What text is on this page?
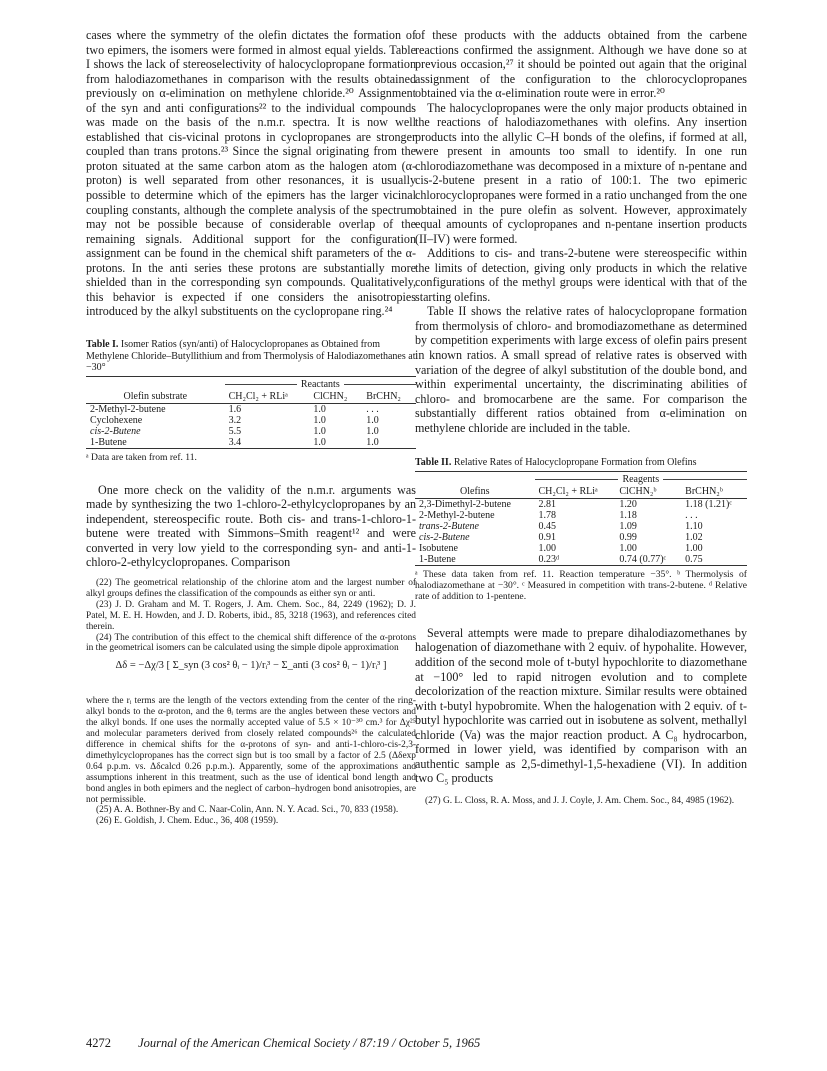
cases where the symmetry of the olefin dictates the formation of two epimers, the isomers were formed in almost equal yields. Table I shows the lack of stereoselectivity of halocyclopropane formation from halodiazomethanes in comparison with the results obtained previously on α-elimination on methylene chloride.²⁰ Assignment of the syn and anti configurations²² to the individual compounds was made on the basis of the n.m.r. spectra. It is now well established that cis-vicinal protons in cyclopropanes are stronger coupled than trans protons.²³ Since the signal originating from the proton situated at the same carbon atom as the halogen atom (α-proton) is well separated from other resonances, it is usually possible to determine which of the epimers has the larger vicinal coupling constants, although the complete analysis of the spectrum may not be possible because of considerable overlap of the remaining signals. Additional support for the configuration assignment can be found in the chemical shift parameters of the α-protons. In the anti series these protons are substantially more shielded than in the corresponding syn compounds. Qualitatively, this behavior is expected if one considers the anisotropies introduced by the alkyl substituents on the cyclopropane ring.²⁴

Table I. Isomer Ratios (syn/anti) of Halocyclopropanes as Obtained from Methylene Chloride–Butyllithium and from Thermolysis of Halodiazomethanes at −30°

	Reactants		

Olefin substrate	CH₂Cl₂ + RLiᵃ	ClCHN₂	BrCHN₂
2-Methyl-2-butene	1.6	1.0	. . .
Cyclohexene	3.2	1.0	1.0
cis-2-Butene	5.5	1.0	1.0
1-Butene	3.4	1.0	1.0

ᵃ Data are taken from ref. 11.

One more check on the validity of the n.m.r. arguments was made by synthesizing the two 1-chloro-2-ethylcyclopropanes by an independent, stereospecific route. Both cis- and trans-1-chloro-1-butene were treated with Simmons–Smith reagent¹² and were converted in very low yield to the corresponding syn- and anti-1-chloro-2-ethylcyclopropanes. Comparison

(22) The geometrical relationship of the chlorine atom and the largest number of alkyl groups defines the classification of the compounds as either syn or anti.

(23) J. D. Graham and M. T. Rogers, J. Am. Chem. Soc., 84, 2249 (1962); D. J. Patel, M. E. H. Howden, and J. D. Roberts, ibid., 85, 3218 (1963), and references cited therein.

(24) The contribution of this effect to the chemical shift difference of the α-protons in the geometrical isomers can be calculated using the simple dipole approximation

Δδ = −Δχ/3 [ Σ_syn (3 cos² θᵢ − 1)/rᵢ³ − Σ_anti (3 cos² θᵢ − 1)/rᵢ³ ]

where the rᵢ terms are the length of the vectors extending from the center of the ring-alkyl bonds to the α-proton, and the θᵢ terms are the angles between these vectors and the alkyl bonds. If one uses the normally accepted value of 5.5 × 10⁻³⁰ cm.³ for Δχ²⁵ and molecular parameters derived from closely related compounds²⁶ the calculated difference in chemical shifts for the α-protons of syn- and anti-1-chloro-cis-2,3-dimethylcyclopropanes has the correct sign but is too small by a factor of 2.5 (Δδexp 0.64 p.p.m. vs. Δδcalcd 0.26 p.p.m.). Apparently, some of the approximations and assumptions inherent in this treatment, such as the use of identical bond length and bond angles in both epimers and the neglect of carbon–hydrogen bond anisotropies, are not permissible.

(25) A. A. Bothner-By and C. Naar-Colin, Ann. N. Y. Acad. Sci., 70, 833 (1958).

(26) E. Goldish, J. Chem. Educ., 36, 408 (1959).

of these products with the adducts obtained from the carbene reactions confirmed the assignment. Although we have done so at previous occasion,²⁷ it should be pointed out again that the original assignment of the configuration to the chlorocyclopropanes obtained via the α-elimination route were in error.²⁰

The halocyclopropanes were the only major products obtained in the reactions of halodiazomethanes with olefins. Any insertion products into the allylic C–H bonds of the olefins, if formed at all, were present in amounts too small to identify. In one run chlorodiazomethane was decomposed in a mixture of n-pentane and cis-2-butene present in a ratio of 100:1. The two epimeric chlorocyclopropanes were formed in a ratio unchanged from the one obtained in the pure olefin as solvent. However, approximately equal amounts of cyclopropanes and n-pentane insertion products (II–IV) were formed.

Additions to cis- and trans-2-butene were stereospecific within the limits of detection, giving only products in which the relative configurations of the methyl groups were identical with that of the starting olefins.

Table II shows the relative rates of halocyclopropane formation from thermolysis of chloro- and bromodiazomethane as determined by competition experiments with large excess of olefin pairs present in known ratios. A small spread of relative rates is observed with variation of the degree of alkyl substitution of the double bond, and within experimental uncertainty, the discriminating abilities of chloro- and bromocarbene are the same. For comparison the substantially different ratios obtained from α-elimination on methylene chloride are included in the table.

Table II. Relative Rates of Halocyclopropane Formation from Olefins

	Reagents		

Olefins	CH₂Cl₂ + RLiᵃ	ClCHN₂ᵇ	BrCHN₂ᵇ
2,3-Dimethyl-2-butene	2.81	1.20	1.18 (1.21)ᶜ
2-Methyl-2-butene	1.78	1.18	. . .
trans-2-Butene	0.45	1.09	1.10
cis-2-Butene	0.91	0.99	1.02
Isobutene	1.00	1.00	1.00
1-Butene	0.23ᵈ	0.74 (0.77)ᶜ	0.75

ᵃ These data taken from ref. 11. Reaction temperature −35°. ᵇ Thermolysis of halodiazomethane at −30°. ᶜ Measured in competition with trans-2-butene. ᵈ Relative rate of addition to 1-pentene.

Several attempts were made to prepare dihalodiazomethanes by halogenation of diazomethane with 2 equiv. of hypohalite. However, addition of the second mole of t-butyl hypochlorite to diazomethane at −100° led to rapid nitrogen evolution and to complete decolorization of the reaction mixture. Similar results were obtained with t-butyl hypobromite. When the halogenation with 2 equiv. of t-butyl hypochlorite was carried out in isobutene as solvent, methallyl chloride (Va) was the major reaction product. A C₈ hydrocarbon, formed in lower yield, was identified by comparison with an authentic sample as 2,5-dimethyl-1,5-hexadiene (VI). In addition two C₅ products

(27) G. L. Closs, R. A. Moss, and J. J. Coyle, J. Am. Chem. Soc., 84, 4985 (1962).

4272 Journal of the American Chemical Society / 87:19 / October 5, 1965
